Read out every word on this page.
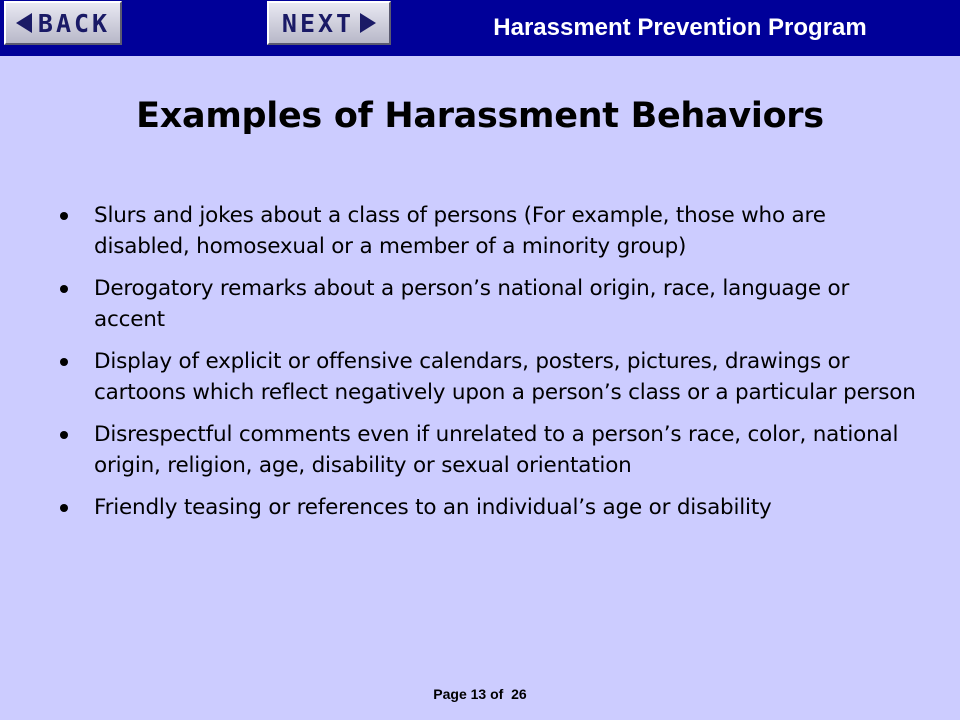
BACK	NEXT	Harassment Prevention Program
Examples of Harassment Behaviors
Slurs and jokes about a class of persons (For example, those who are disabled, homosexual or a member of a minority group)
Derogatory remarks about a person’s national origin, race, language or accent
Display of explicit or offensive calendars, posters, pictures, drawings or cartoons which reflect negatively upon a person’s class or a particular person
Disrespectful comments even if unrelated to a person’s race, color, national origin, religion, age, disability or sexual orientation
Friendly teasing or references to an individual’s age or disability
Page 13 of  26
